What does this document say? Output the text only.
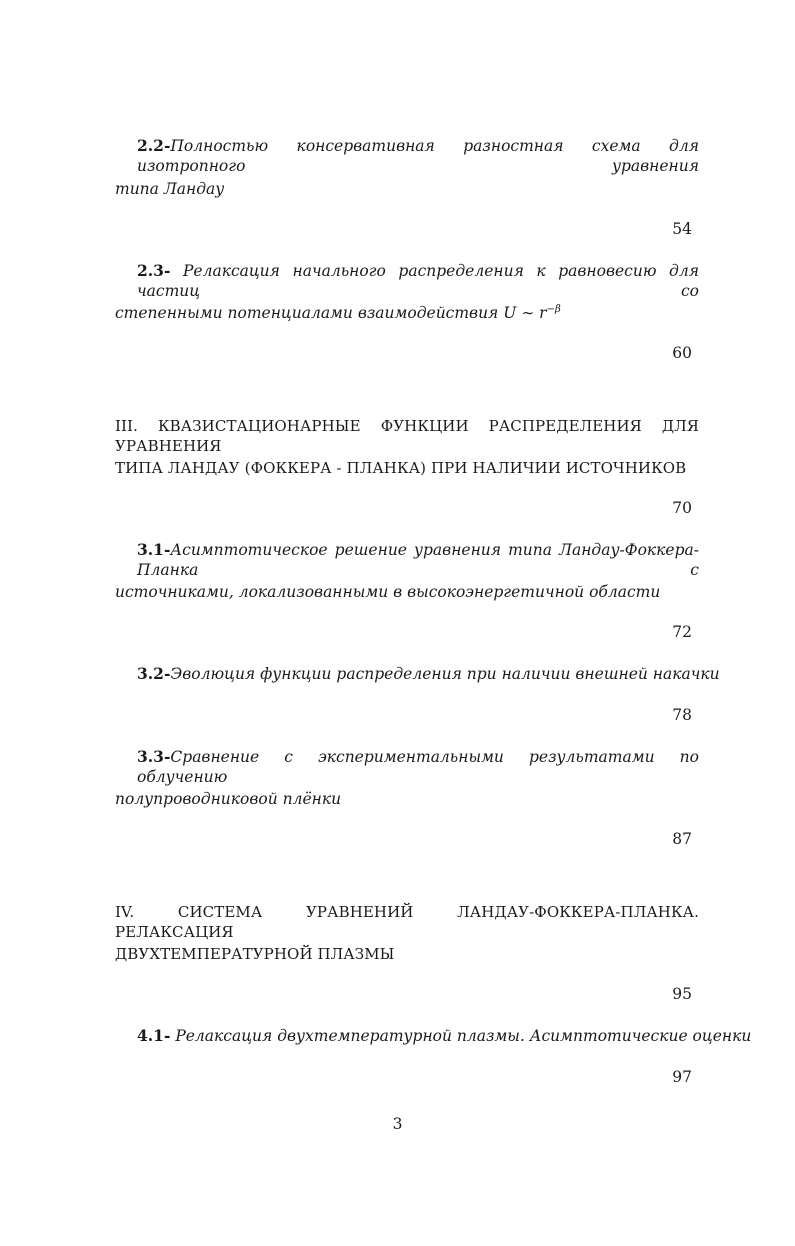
2.2-Полностью консервативная разностная схема для изотропного уравнения
типа Ландау
54
2.3- Релаксация начального распределения к равновесию для частиц со
степенными потенциалами взаимодействия U ∼ $r^{-\beta}$
60
III. КВАЗИСТАЦИОНАРНЫЕ ФУНКЦИИ РАСПРЕДЕЛЕНИЯ ДЛЯ УРАВНЕНИЯ
ТИПА ЛАНДАУ (ФОККЕРА - ПЛАНКА) ПРИ НАЛИЧИИ ИСТОЧНИКОВ
70
3.1-Асимптотическое решение уравнения типа Ландау-Фоккера-Планка с
источниками, локализованными в высокоэнергетичной области
72
3.2-Эволюция функции распределения при наличии внешней накачки
78
3.3-Сравнение с экспериментальными результатами по облучению
полупроводниковой плёнки
87
IV. СИСТЕМА УРАВНЕНИЙ ЛАНДАУ-ФОККЕРА-ПЛАНКА. РЕЛАКСАЦИЯ
ДВУХТЕМПЕРАТУРНОЙ ПЛАЗМЫ
95
4.1- Релаксация двухтемпературной плазмы. Асимптотические оценки
97
3
